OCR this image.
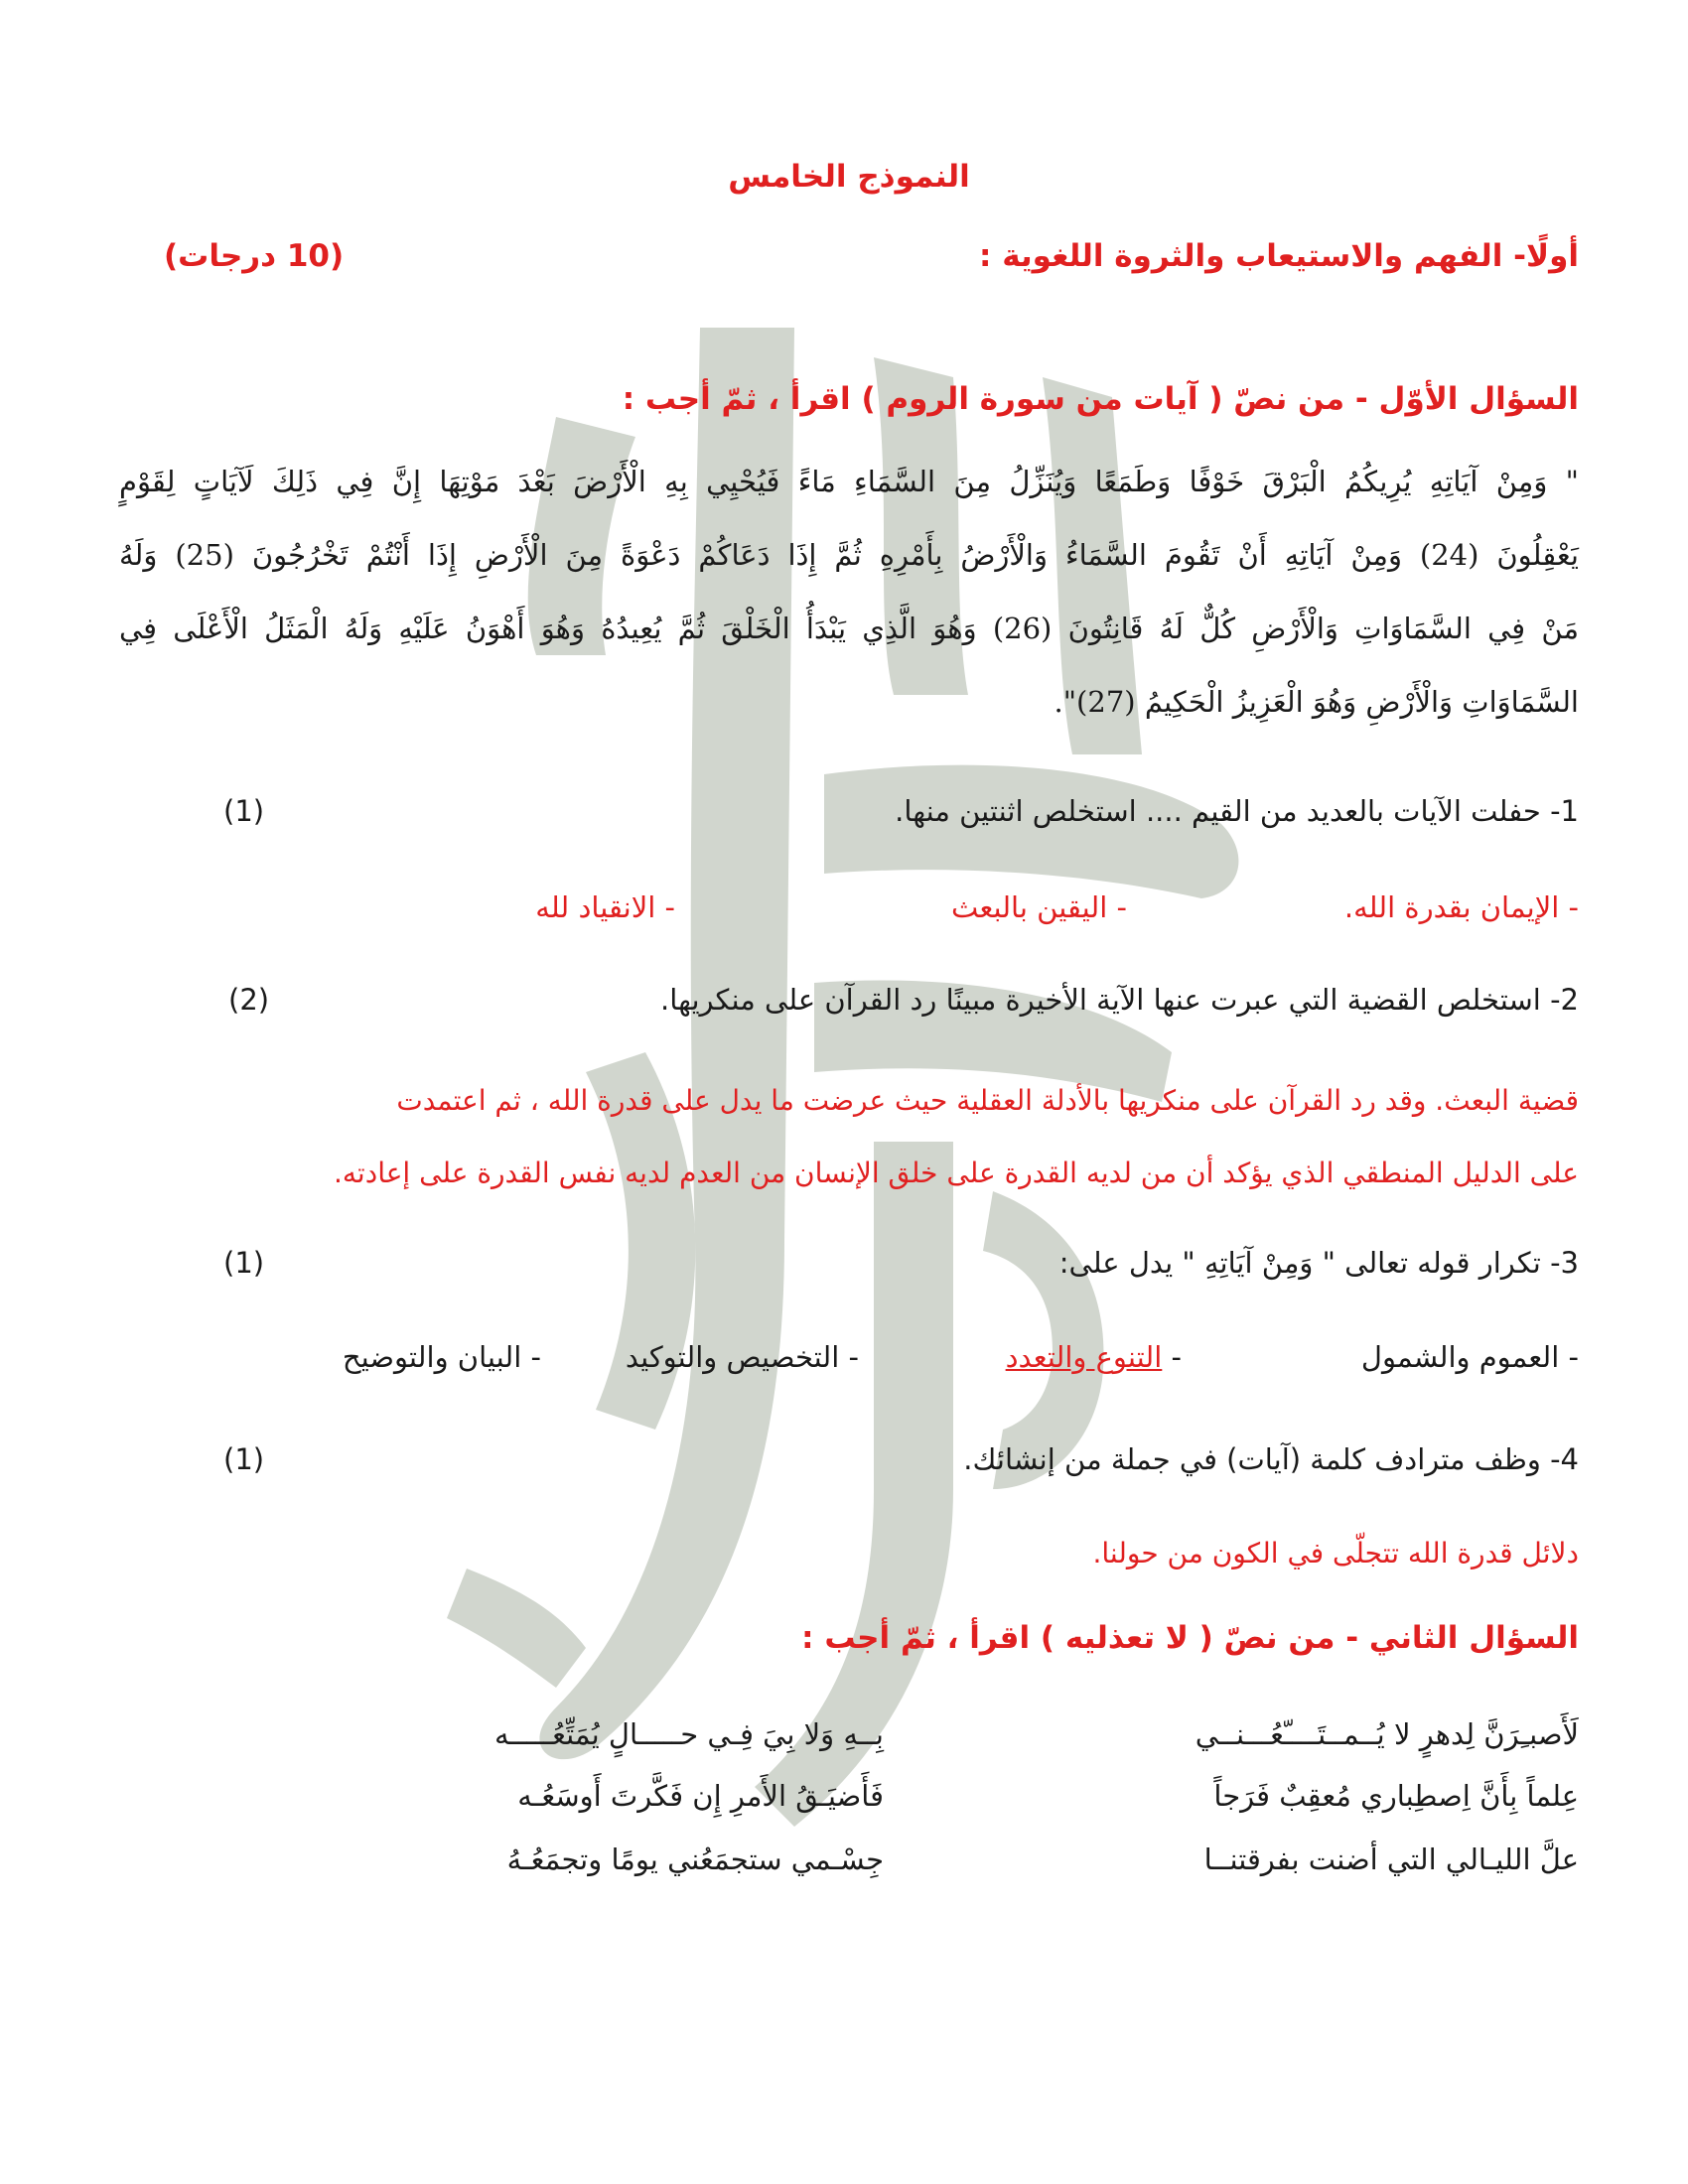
النموذج الخامس
أولًا- الفهم والاستيعاب والثروة اللغوية :
(10 درجات)
السؤال الأوّل - من نصّ ( آيات من سورة الروم ) اقرأ ، ثمّ أجب :
" وَمِنْ آيَاتِهِ يُرِيكُمُ الْبَرْقَ خَوْفًا وَطَمَعًا وَيُنَزِّلُ مِنَ السَّمَاءِ مَاءً فَيُحْيِي بِهِ الْأَرْضَ بَعْدَ مَوْتِهَا إِنَّ فِي ذَلِكَ لَآيَاتٍ لِقَوْمٍ
يَعْقِلُونَ (24) وَمِنْ آيَاتِهِ أَنْ تَقُومَ السَّمَاءُ وَالْأَرْضُ بِأَمْرِهِ ثُمَّ إِذَا دَعَاكُمْ دَعْوَةً مِنَ الْأَرْضِ إِذَا أَنْتُمْ تَخْرُجُونَ (25) وَلَهُ
مَنْ فِي السَّمَاوَاتِ وَالْأَرْضِ كُلٌّ لَهُ قَانِتُونَ (26) وَهُوَ الَّذِي يَبْدَأُ الْخَلْقَ ثُمَّ يُعِيدُهُ وَهُوَ أَهْوَنُ عَلَيْهِ وَلَهُ الْمَثَلُ الْأَعْلَى فِي
السَّمَاوَاتِ وَالْأَرْضِ وَهُوَ الْعَزِيزُ الْحَكِيمُ (27)".
1- حفلت الآيات بالعديد من القيم .... استخلص اثنتين منها.
(1)
- الإيمان بقدرة الله.
- اليقين بالبعث
- الانقياد لله
2- استخلص القضية التي عبرت عنها الآية الأخيرة مبينًا رد القرآن على منكريها.
(2)
قضية البعث. وقد رد القرآن على منكريها بالأدلة العقلية حيث عرضت ما يدل على قدرة الله ، ثم اعتمدت
على الدليل المنطقي الذي يؤكد أن من لديه القدرة على خلق الإنسان من العدم لديه نفس القدرة على إعادته.
3- تكرار قوله تعالى " وَمِنْ آيَاتِهِ " يدل على:
(1)
- العموم والشمول
- التنوع والتعدد
- التخصيص والتوكيد
- البيان والتوضيح
4- وظف مترادف كلمة (آيات) في جملة من إنشائك.
(1)
دلائل قدرة الله تتجلّى في الكون من حولنا.
السؤال الثاني - من نصّ ( لا تعذليه ) اقرأ ، ثمّ أجب :
لَأَصبـِرَنَّ لِدهرٍ لا يُــمــتَــــّعُـــنــي
بِــهِ وَلا بِيَ فِـي حـــــالٍ يُمَتِّعُـــــه
عِلماً بِأَنَّ اِصطِباري مُعقِبٌ فَرَجاً
فَأَضيَـقُ الأَمرِ إِن فَكَّرتَ أَوسَعُـه
علَّ الليـالي التي أضنت بفرقتنــا
جِسْـمي ستجمَعُني يومًا وتجمَعُـهُ
